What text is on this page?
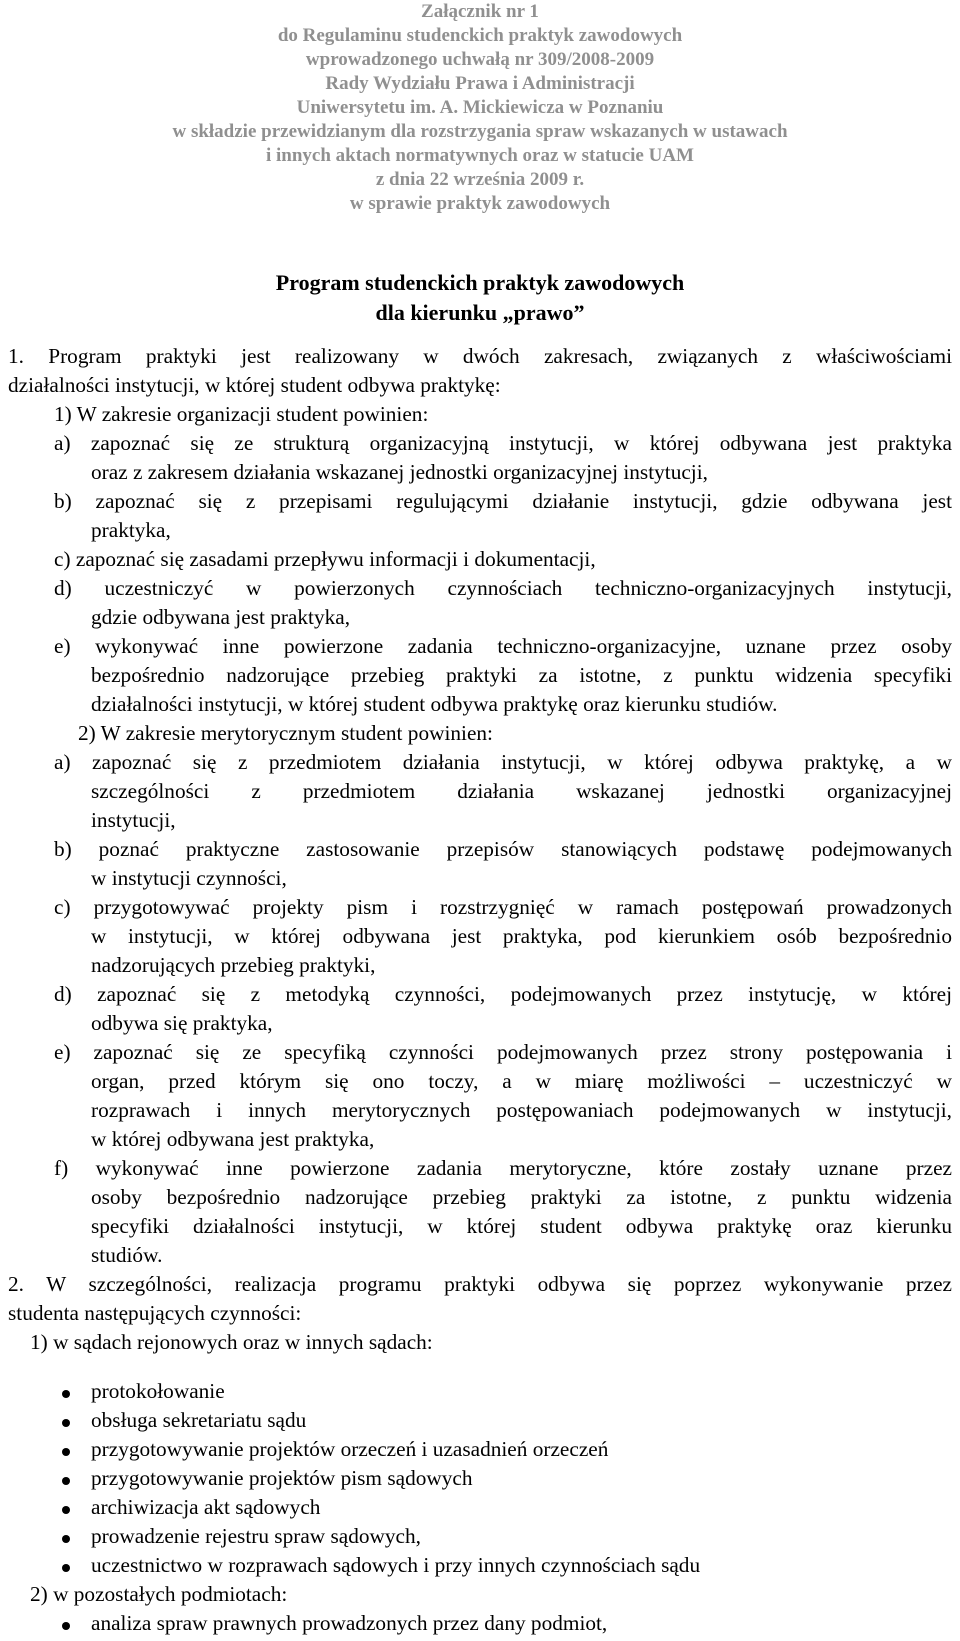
Załącznik nr 1
do Regulaminu studenckich praktyk zawodowych
wprowadzonego uchwałą nr 309/2008-2009
Rady Wydziału Prawa i Administracji
Uniwersytetu im. A. Mickiewicza w Poznaniu
w składzie przewidzianym dla rozstrzygania spraw wskazanych w ustawach
i innych aktach normatywnych oraz w statucie UAM
z dnia 22 września 2009 r.
w sprawie praktyk zawodowych
Program studenckich praktyk zawodowych
dla kierunku „prawo”
1. Program praktyki jest realizowany w dwóch zakresach, związanych z właściwościami
działalności instytucji, w której student odbywa praktykę:
1) W zakresie organizacji student powinien:
a) zapoznać się ze strukturą organizacyjną instytucji, w której odbywana jest praktyka
oraz z zakresem działania wskazanej jednostki organizacyjnej instytucji,
b) zapoznać się z przepisami regulującymi działanie instytucji, gdzie odbywana jest
praktyka,
c) zapoznać się zasadami przepływu informacji i dokumentacji,
d) uczestniczyć w powierzonych czynnościach techniczno-organizacyjnych instytucji,
gdzie odbywana jest praktyka,
e) wykonywać inne powierzone zadania techniczno-organizacyjne, uznane przez osoby
bezpośrednio nadzorujące przebieg praktyki za istotne, z punktu widzenia specyfiki
działalności instytucji, w której student odbywa praktykę oraz kierunku studiów.
2) W zakresie merytorycznym student powinien:
a) zapoznać się z przedmiotem działania instytucji, w której odbywa praktykę, a w
szczególności z przedmiotem działania wskazanej jednostki organizacyjnej
instytucji,
b) poznać praktyczne zastosowanie przepisów stanowiących podstawę podejmowanych
w instytucji czynności,
c) przygotowywać projekty pism i rozstrzygnięć w ramach postępowań prowadzonych
w instytucji, w której odbywana jest praktyka, pod kierunkiem osób bezpośrednio
nadzorujących przebieg praktyki,
d) zapoznać się z metodyką czynności, podejmowanych przez instytucję, w której
odbywa się praktyka,
e) zapoznać się ze specyfiką czynności podejmowanych przez strony postępowania i
organ, przed którym się ono toczy, a w miarę możliwości – uczestniczyć w
rozprawach i innych merytorycznych postępowaniach podejmowanych w instytucji,
w której odbywana jest praktyka,
f) wykonywać inne powierzone zadania merytoryczne, które zostały uznane przez
osoby bezpośrednio nadzorujące przebieg praktyki za istotne, z punktu widzenia
specyfiki działalności instytucji, w której student odbywa praktykę oraz kierunku
studiów.
2. W szczególności, realizacja programu praktyki odbywa się poprzez wykonywanie przez
studenta następujących czynności:
1) w sądach rejonowych oraz w innych sądach:
protokołowanie
obsługa sekretariatu sądu
przygotowywanie projektów orzeczeń i uzasadnień orzeczeń
przygotowywanie projektów pism sądowych
archiwizacja akt sądowych
prowadzenie rejestru spraw sądowych,
uczestnictwo w rozprawach sądowych i przy innych czynnościach sądu
2) w pozostałych podmiotach:
analiza spraw prawnych prowadzonych przez dany podmiot,
